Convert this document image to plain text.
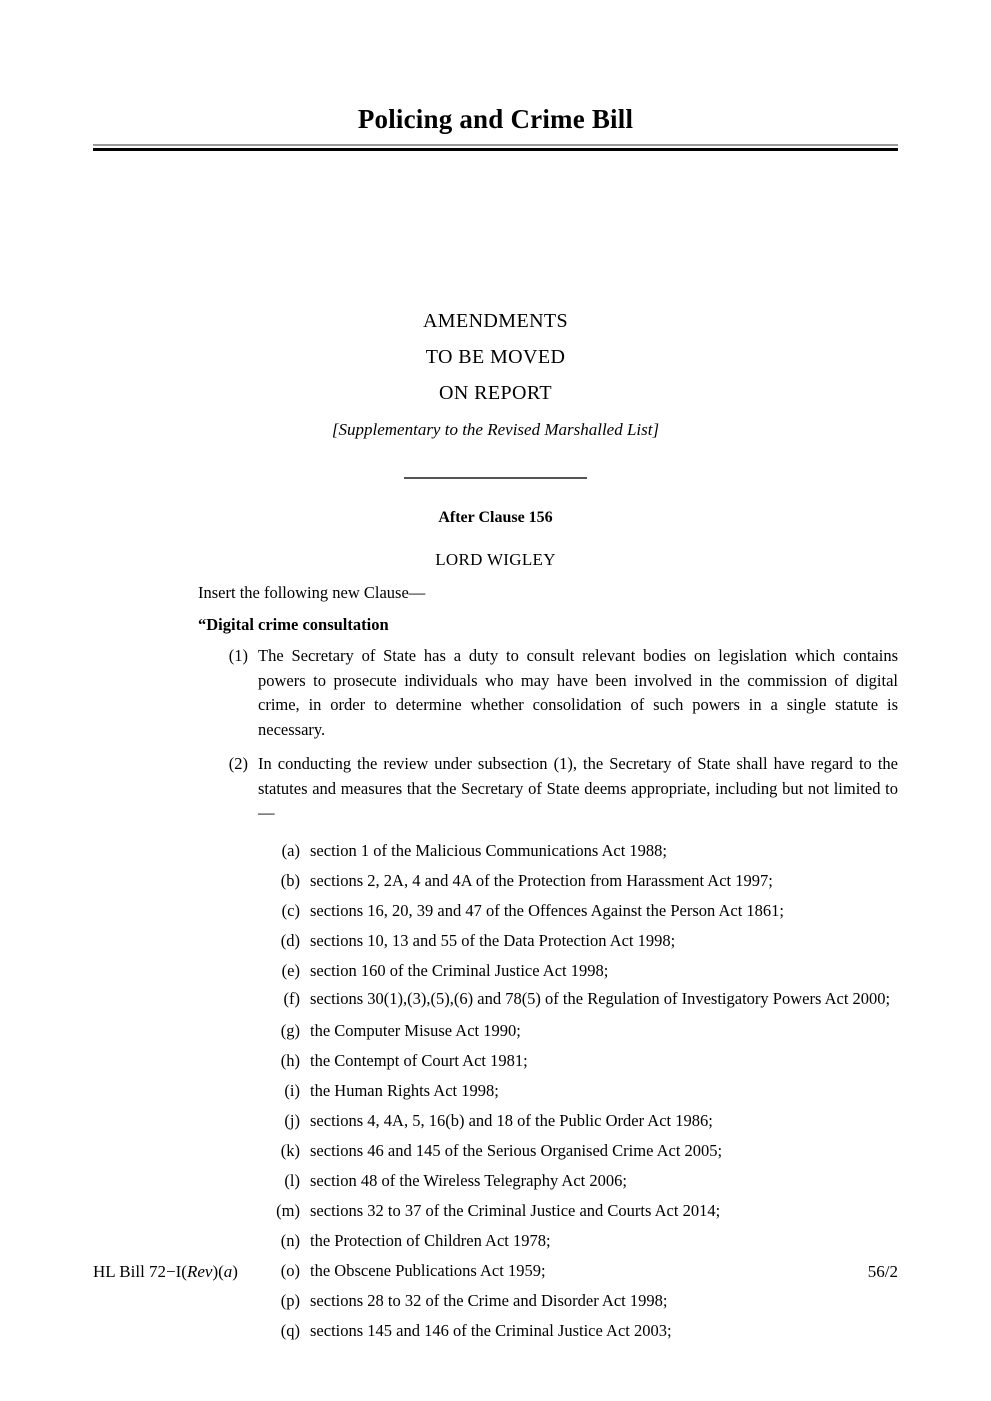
Policing and Crime Bill
AMENDMENTS
TO BE MOVED
ON REPORT
[Supplementary to the Revised Marshalled List]
After Clause 156
LORD WIGLEY

Insert the following new Clause—

“Digital crime consultation

(1) The Secretary of State has a duty to consult relevant bodies on legislation which contains powers to prosecute individuals who may have been involved in the commission of digital crime, in order to determine whether consolidation of such powers in a single statute is necessary.
(2) In conducting the review under subsection (1), the Secretary of State shall have regard to the statutes and measures that the Secretary of State deems appropriate, including but not limited to—
(a) section 1 of the Malicious Communications Act 1988;
(b) sections 2, 2A, 4 and 4A of the Protection from Harassment Act 1997;
(c) sections 16, 20, 39 and 47 of the Offences Against the Person Act 1861;
(d) sections 10, 13 and 55 of the Data Protection Act 1998;
(e) section 160 of the Criminal Justice Act 1998;
(f) sections 30(1),(3),(5),(6) and 78(5) of the Regulation of Investigatory Powers Act 2000;
(g) the Computer Misuse Act 1990;
(h) the Contempt of Court Act 1981;
(i) the Human Rights Act 1998;
(j) sections 4, 4A, 5, 16(b) and 18 of the Public Order Act 1986;
(k) sections 46 and 145 of the Serious Organised Crime Act 2005;
(l) section 48 of the Wireless Telegraphy Act 2006;
(m) sections 32 to 37 of the Criminal Justice and Courts Act 2014;
(n) the Protection of Children Act 1978;
(o) the Obscene Publications Act 1959;
(p) sections 28 to 32 of the Crime and Disorder Act 1998;
(q) sections 145 and 146 of the Criminal Justice Act 2003;
HL Bill 72−I(Rev)(a)	56/2
